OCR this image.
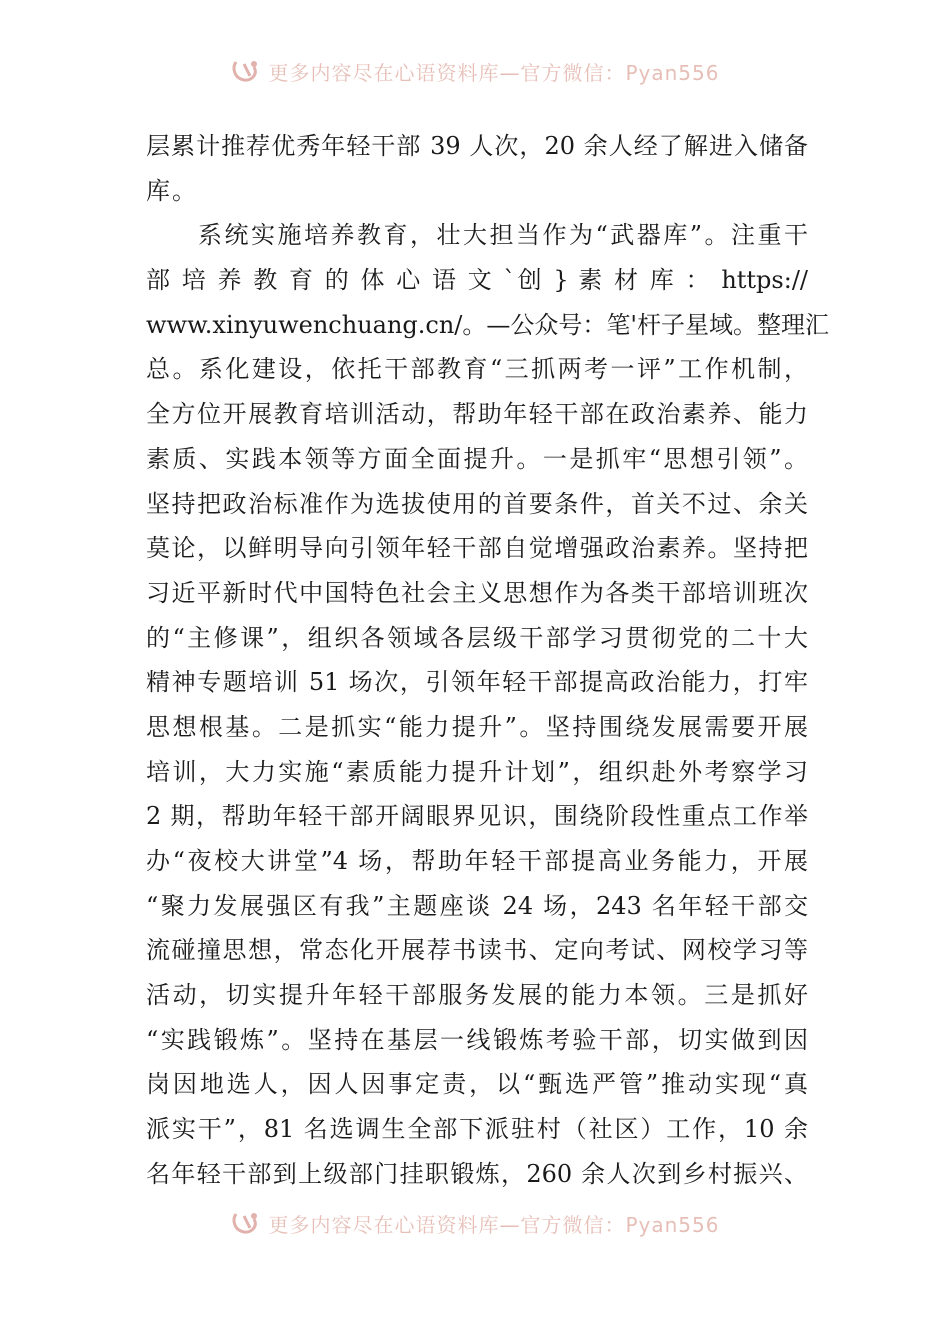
更多内容尽在心语资料库—官方微信：Pyan556
层累计推荐优秀年轻干部 39 人次，20 余人经了解进入储备
库。
系统实施培养教育，壮大担当作为“武器库”。注重干
部 培 养 教 育 的 体 心 语 文 `创 } 素 材 库 ： https://
www.xinyuwenchuang.cn/。—公众号：笔'杆子星域。整理汇
总。系化建设，依托干部教育“三抓两考一评”工作机制，
全方位开展教育培训活动，帮助年轻干部在政治素养、能力
素质、实践本领等方面全面提升。一是抓牢“思想引领”。
坚持把政治标准作为选拔使用的首要条件，首关不过、余关
莫论，以鲜明导向引领年轻干部自觉增强政治素养。坚持把
习近平新时代中国特色社会主义思想作为各类干部培训班次
的“主修课”，组织各领域各层级干部学习贯彻党的二十大
精神专题培训 51 场次，引领年轻干部提高政治能力，打牢
思想根基。二是抓实“能力提升”。坚持围绕发展需要开展
培训，大力实施“素质能力提升计划”，组织赴外考察学习
2 期，帮助年轻干部开阔眼界见识，围绕阶段性重点工作举
办“夜校大讲堂”4 场，帮助年轻干部提高业务能力，开展
“聚力发展强区有我”主题座谈 24 场，243 名年轻干部交
流碰撞思想，常态化开展荐书读书、定向考试、网校学习等
活动，切实提升年轻干部服务发展的能力本领。三是抓好
“实践锻炼”。坚持在基层一线锻炼考验干部，切实做到因
岗因地选人，因人因事定责，以“甄选严管”推动实现“真
派实干”，81 名选调生全部下派驻村（社区）工作，10 余
名年轻干部到上级部门挂职锻炼，260 余人次到乡村振兴、
更多内容尽在心语资料库—官方微信：Pyan556
